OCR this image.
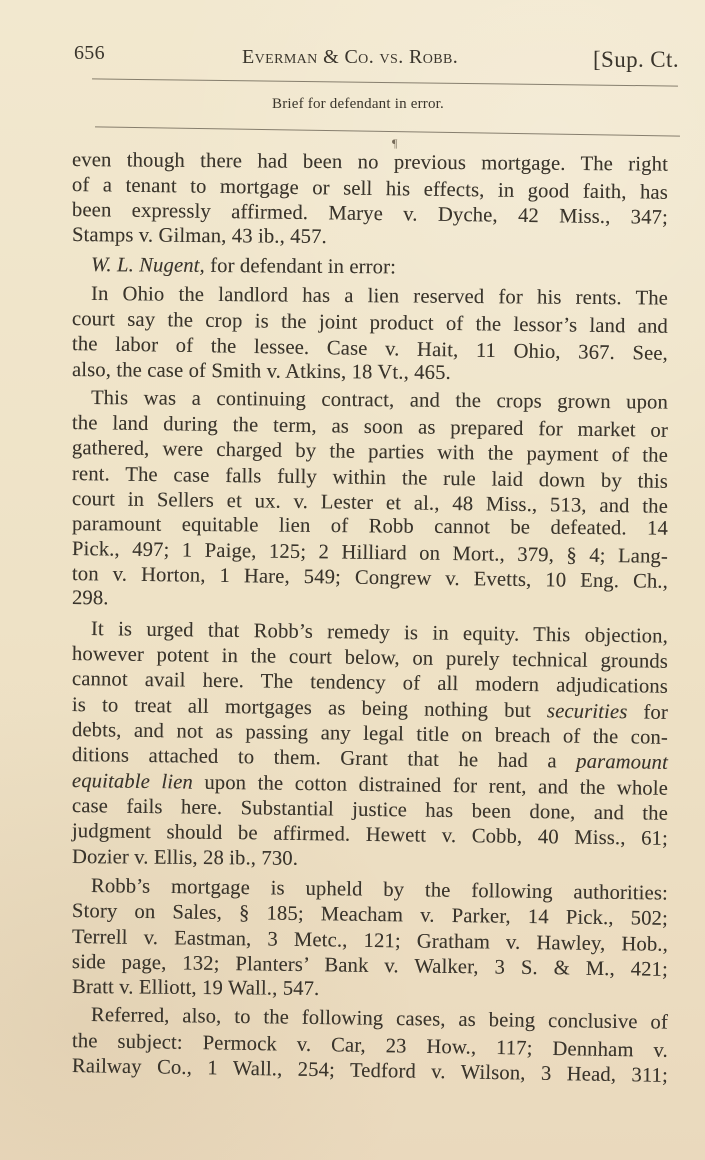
656	Everman & Co. vs. Robb.	[Sup. Ct.
Brief for defendant in error.
¶
even though there had been no previous mortgage. The right
of a tenant to mortgage or sell his effects, in good faith, has
been expressly affirmed. Marye v. Dyche, 42 Miss., 347;
Stamps v. Gilman, 43 ib., 457.
W. L. Nugent, for defendant in error:
In Ohio the landlord has a lien reserved for his rents. The
court say the crop is the joint product of the lessor’s land and
the labor of the lessee. Case v. Hait, 11 Ohio, 367. See,
also, the case of Smith v. Atkins, 18 Vt., 465.
This was a continuing contract, and the crops grown upon
the land during the term, as soon as prepared for market or
gathered, were charged by the parties with the payment of the
rent. The case falls fully within the rule laid down by this
court in Sellers et ux. v. Lester et al., 48 Miss., 513, and the
paramount equitable lien of Robb cannot be defeated. 14
Pick., 497; 1 Paige, 125; 2 Hilliard on Mort., 379, § 4; Lang-
ton v. Horton, 1 Hare, 549; Congrew v. Evetts, 10 Eng. Ch.,
298.
It is urged that Robb’s remedy is in equity. This objection,
however potent in the court below, on purely technical grounds
cannot avail here. The tendency of all modern adjudications
is to treat all mortgages as being nothing but securities for
debts, and not as passing any legal title on breach of the con-
ditions attached to them. Grant that he had a paramount
equitable lien upon the cotton distrained for rent, and the whole
case fails here. Substantial justice has been done, and the
judgment should be affirmed. Hewett v. Cobb, 40 Miss., 61;
Dozier v. Ellis, 28 ib., 730.
Robb’s mortgage is upheld by the following authorities:
Story on Sales, § 185; Meacham v. Parker, 14 Pick., 502;
Terrell v. Eastman, 3 Metc., 121; Gratham v. Hawley, Hob.,
side page, 132; Planters’ Bank v. Walker, 3 S. & M., 421;
Bratt v. Elliott, 19 Wall., 547.
Referred, also, to the following cases, as being conclusive of
the subject: Permock v. Car, 23 How., 117; Dennham v.
Railway Co., 1 Wall., 254; Tedford v. Wilson, 3 Head, 311;
